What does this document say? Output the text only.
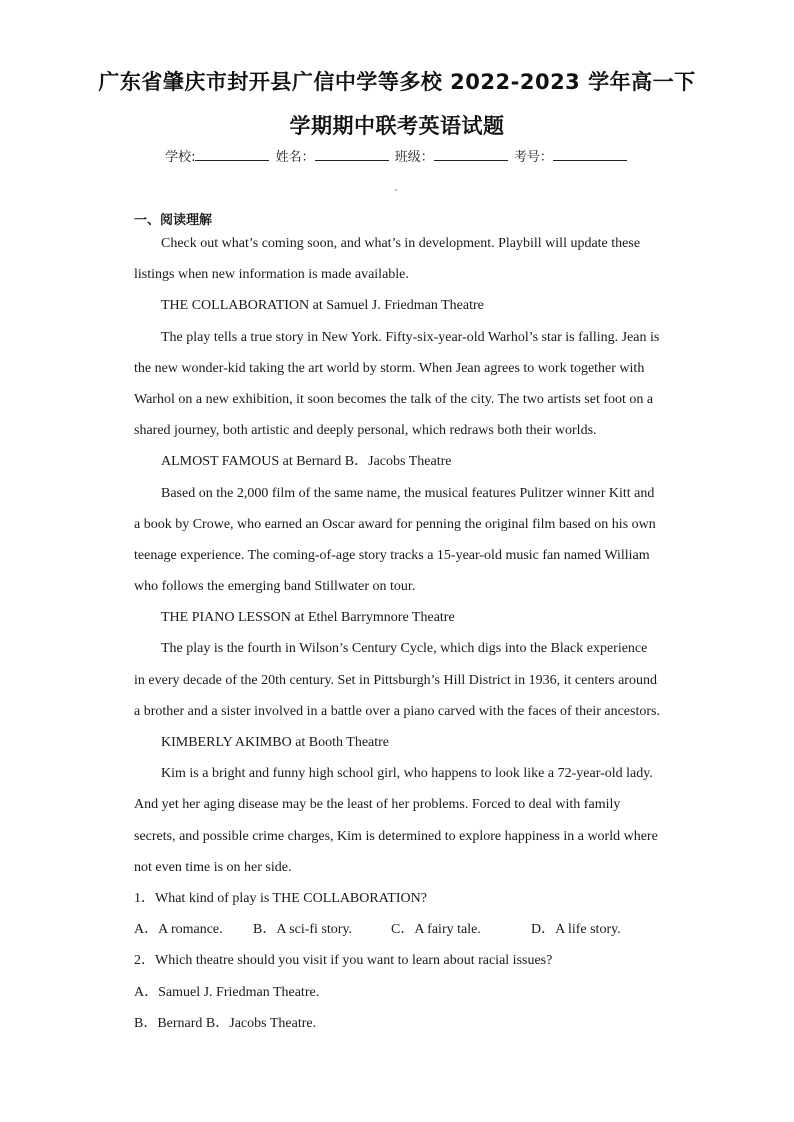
广东省肇庆市封开县广信中学等多校 2022-2023 学年高一下
学期期中联考英语试题
学校:	姓名：	班级：	考号：
一、阅读理解
Check out what’s coming soon, and what’s in development. Playbill will update these
listings when new information is made available.
THE COLLABORATION at Samuel J. Friedman Theatre
The play tells a true story in New York. Fifty-six-year-old Warhol’s star is falling. Jean is
the new wonder-kid taking the art world by storm. When Jean agrees to work together with
Warhol on a new exhibition, it soon becomes the talk of the city. The two artists set foot on a
shared journey, both artistic and deeply personal, which redraws both their worlds.
ALMOST FAMOUS at Bernard B．Jacobs Theatre
Based on the 2,000 film of the same name, the musical features Pulitzer winner Kitt and
a book by Crowe, who earned an Oscar award for penning the original film based on his own
teenage experience. The coming-of-age story tracks a 15-year-old music fan named William
who follows the emerging band Stillwater on tour.
THE PIANO LESSON at Ethel Barrymnore Theatre
The play is the fourth in Wilson’s Century Cycle, which digs into the Black experience
in every decade of the 20th century. Set in Pittsburgh’s Hill District in 1936, it centers around
a brother and a sister involved in a battle over a piano carved with the faces of their ancestors.
KIMBERLY AKIMBO at Booth Theatre
Kim is a bright and funny high school girl, who happens to look like a 72-year-old lady.
And yet her aging disease may be the least of her problems. Forced to deal with family
secrets, and possible crime charges, Kim is determined to explore happiness in a world where
not even time is on her side.
1．What kind of play is THE COLLABORATION?
A．A romance.	B．A sci-fi story.	C．A fairy tale.	D．A life story.
2．Which theatre should you visit if you want to learn about racial issues?
A．Samuel J. Friedman Theatre.
B．Bernard B．Jacobs Theatre.
